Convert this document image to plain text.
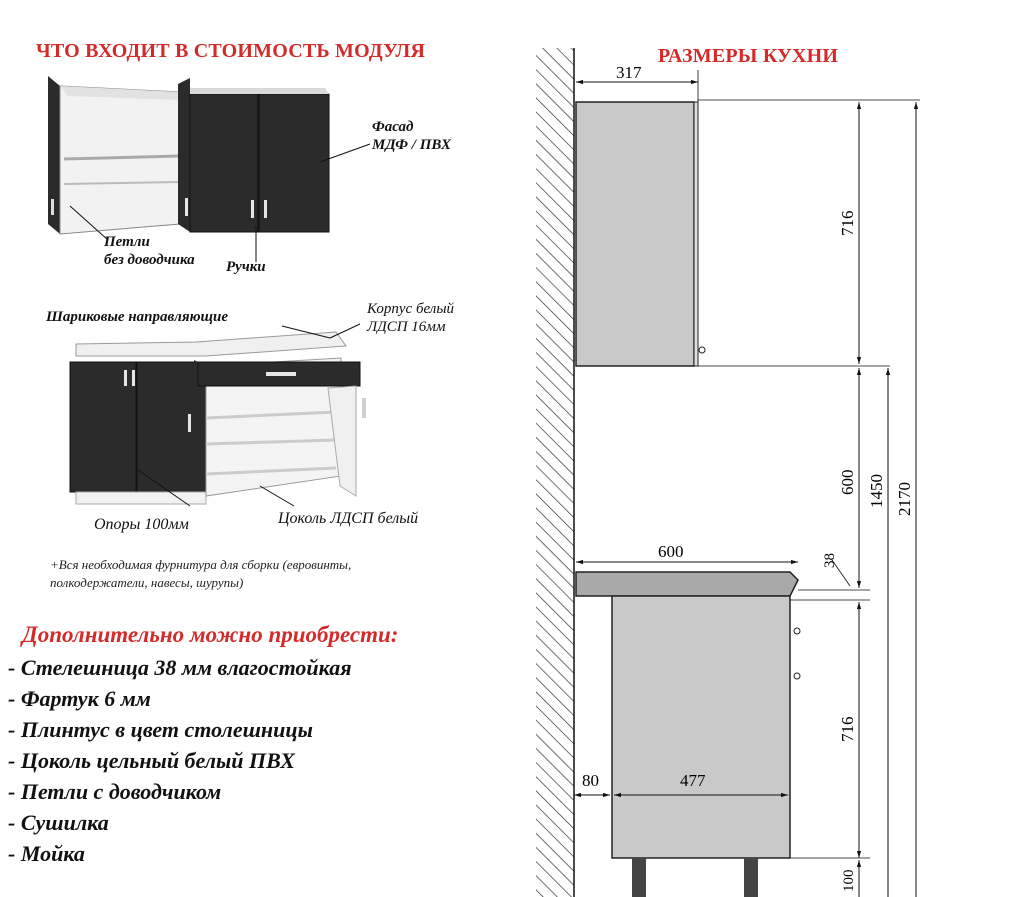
ЧТО ВХОДИТ В СТОИМОСТЬ МОДУЛЯ
Фасад
МДФ / ПВХ
Петли
без доводчика Ручки
Шариковые направляющие	Корпус белый
ЛДСП 16мм
Опоры 100мм	Цоколь ЛДСП белый
+Вся необходимая фурнитура для сборки (евровинты,
полкодержатели, навесы, шурупы)
Дополнительно можно приобрести:
- Стелешница 38 мм влагостойкая
- Фартук 6 мм
- Плинтус в цвет столешницы
- Цоколь цельный белый ПВХ
- Петли с доводчиком
- Сушилка
- Мойка
РАЗМЕРЫ КУХНИ
317
716
600 1450 2170
600	38
716
80	477
100
